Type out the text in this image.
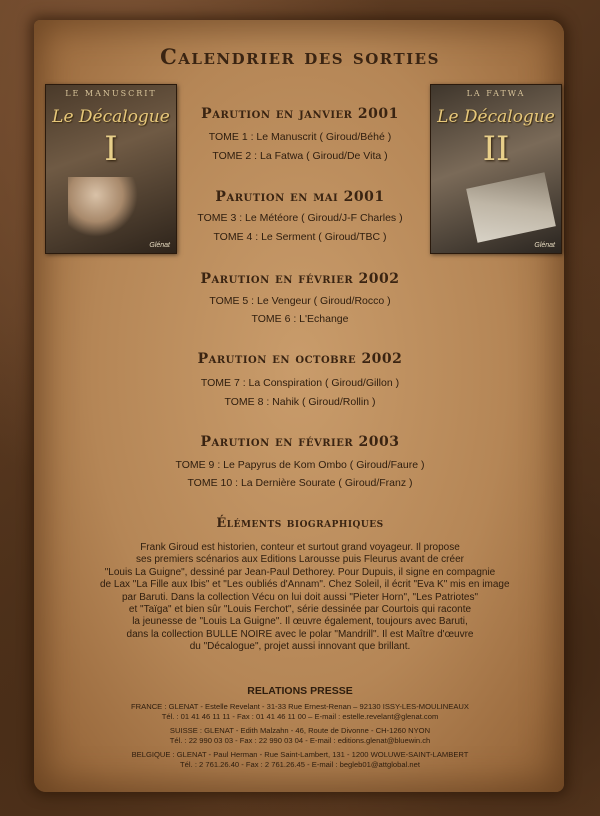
Calendrier des sorties
LE MANUSCRIT
Le Décalogue
I
Glénat
LA FATWA
Le Décalogue
II
Glénat
Parution en janvier 2001
TOME 1 : Le Manuscrit ( Giroud/Béhé )
TOME 2 : La Fatwa ( Giroud/De Vita )
Parution en mai 2001
TOME 3 : Le Météore ( Giroud/J-F Charles )
TOME 4 : Le Serment ( Giroud/TBC )
Parution en février 2002
TOME 5 : Le Vengeur ( Giroud/Rocco )
TOME 6 : L'Echange
Parution en octobre 2002
TOME 7 : La Conspiration ( Giroud/Gillon )
TOME 8 : Nahik ( Giroud/Rollin )
Parution en février 2003
TOME 9 : Le Papyrus de Kom Ombo ( Giroud/Faure )
TOME 10 : La Dernière Sourate ( Giroud/Franz )
Éléments biographiques
Frank Giroud est historien, conteur et surtout grand voyageur. Il propose
ses premiers scénarios aux Editions Larousse puis Fleurus avant de créer
"Louis La Guigne", dessiné par Jean-Paul Dethorey. Pour Dupuis, il signe en compagnie
de Lax "La Fille aux Ibis" et "Les oubliés d'Annam". Chez Soleil, il écrit "Eva K" mis en image
par Baruti. Dans la collection Vécu on lui doit aussi "Pieter Horn", "Les Patriotes"
et "Taïga" et bien sûr "Louis Ferchot", série dessinée par Courtois qui raconte
la jeunesse de "Louis La Guigne". Il œuvre également, toujours avec Baruti,
dans la collection BULLE NOIRE avec le polar "Mandrill". Il est Maître d'œuvre
du "Décalogue", projet aussi innovant que brillant.
RELATIONS PRESSE
FRANCE : GLENAT - Estelle Revelant - 31-33 Rue Ernest-Renan – 92130 ISSY-LES-MOULINEAUX
Tél. : 01 41 46 11 11 - Fax : 01 41 46 11 00 – E-mail : estelle.revelant@glenat.com
SUISSE : GLENAT - Edith Malzahn - 46, Route de Divonne - CH-1260 NYON
Tél. : 22 990 03 03 - Fax : 22 990 03 04 - E-mail : editions.glenat@bluewin.ch
BELGIQUE : GLENAT - Paul Herman - Rue Saint-Lambert, 131 - 1200 WOLUWE-SAINT-LAMBERT
Tél. : 2 761.26.40 - Fax : 2 761.26.45 - E-mail : begleb01@attglobal.net
